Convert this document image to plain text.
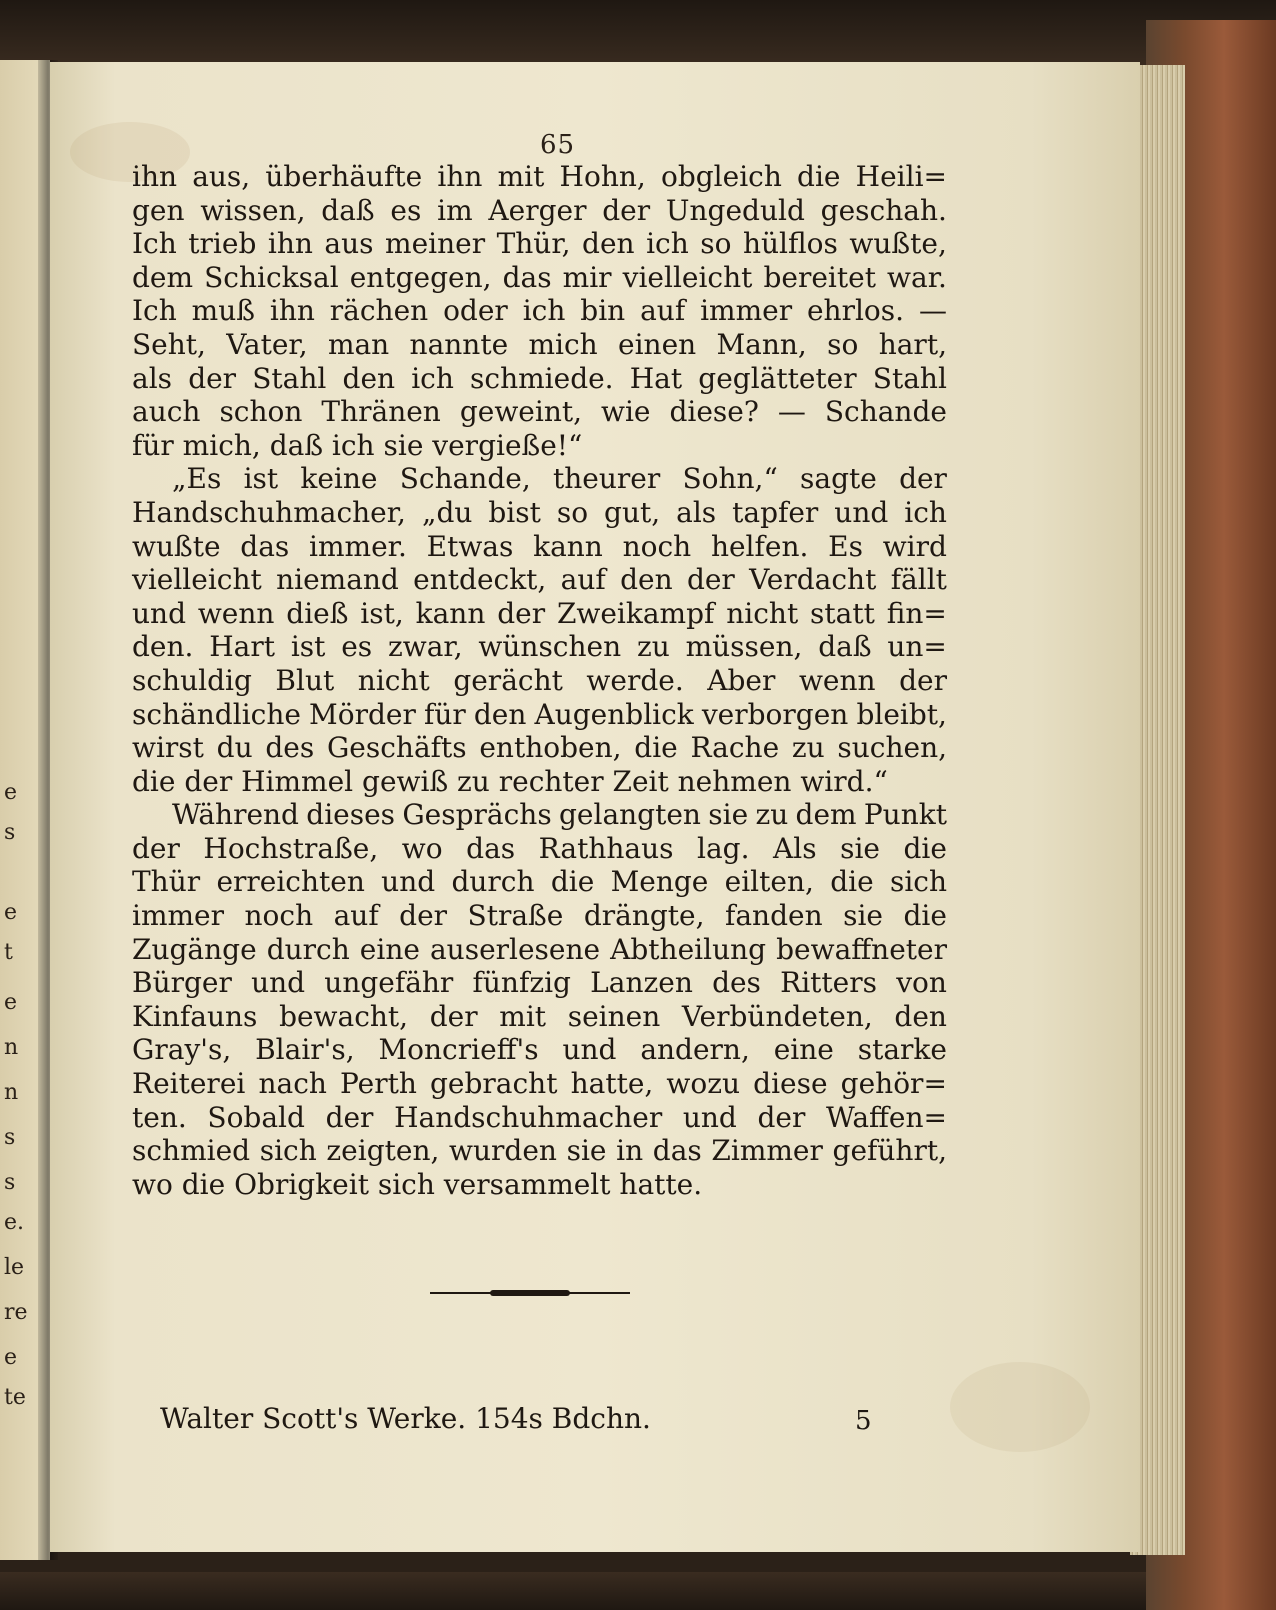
e
s
e
t
e
n
n
s
s
e.
le
re
e
te
65
ihn aus, überhäufte ihn mit Hohn, obgleich die Heili=
gen wissen, daß es im Aerger der Ungeduld geschah.
Ich trieb ihn aus meiner Thür, den ich so hülflos wußte,
dem Schicksal entgegen, das mir vielleicht bereitet war.
Ich muß ihn rächen oder ich bin auf immer ehrlos. —
Seht, Vater, man nannte mich einen Mann, so hart,
als der Stahl den ich schmiede. Hat geglätteter Stahl
auch schon Thränen geweint, wie diese? — Schande
für mich, daß ich sie vergieße!“
„Es ist keine Schande, theurer Sohn,“ sagte der
Handschuhmacher, „du bist so gut, als tapfer und ich
wußte das immer. Etwas kann noch helfen. Es wird
vielleicht niemand entdeckt, auf den der Verdacht fällt
und wenn dieß ist, kann der Zweikampf nicht statt fin=
den. Hart ist es zwar, wünschen zu müssen, daß un=
schuldig Blut nicht gerächt werde. Aber wenn der
schändliche Mörder für den Augenblick verborgen bleibt,
wirst du des Geschäfts enthoben, die Rache zu suchen,
die der Himmel gewiß zu rechter Zeit nehmen wird.“
Während dieses Gesprächs gelangten sie zu dem Punkt
der Hochstraße, wo das Rathhaus lag. Als sie die
Thür erreichten und durch die Menge eilten, die sich
immer noch auf der Straße drängte, fanden sie die
Zugänge durch eine auserlesene Abtheilung bewaffneter
Bürger und ungefähr fünfzig Lanzen des Ritters von
Kinfauns bewacht, der mit seinen Verbündeten, den
Gray's, Blair's, Moncrieff's und andern, eine starke
Reiterei nach Perth gebracht hatte, wozu diese gehör=
ten. Sobald der Handschuhmacher und der Waffen=
schmied sich zeigten, wurden sie in das Zimmer geführt,
wo die Obrigkeit sich versammelt hatte.
Walter Scott's Werke. 154s Bdchn.	5
